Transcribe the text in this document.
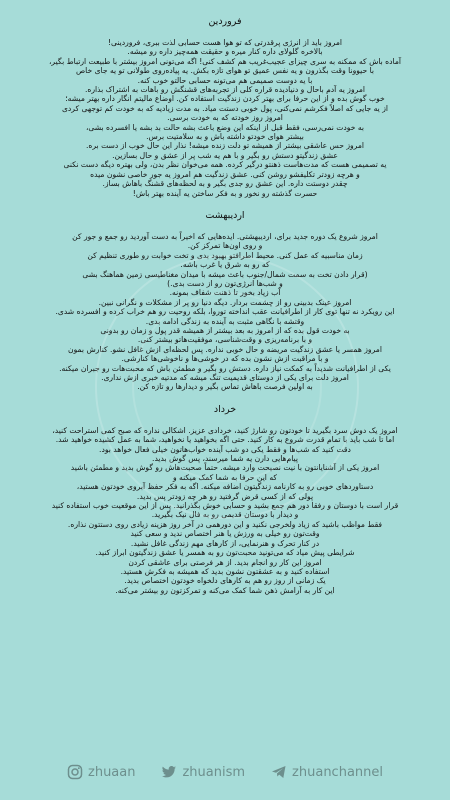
فروردین

امروز باید از انرژی پرقدرتی که تو هوا هست حسابی لذت ببری، فروردینی!
بالاخره گلولای داره کنار میره و حقیقت همه‌چیز داره رو میشه.

آماده باش که ممکنه به سری چیزای عجیب‌غریب هم کشف کنی! اگه می‌تونی امروز بیشتر با طبیعت ارتباط بگیر،
با حیوونا وقت بگذرون و یه نفس عمیق تو هوای تازه بکش. یه پیاده‌روی طولانی تو یه جای خاص
با یه دوست صمیمی هم می‌تونه حسابی حالتو خوب کنه.

امروز یه آدم باحال و دنیادیده قراره کلی از تجربه‌های قشنگش رو باهات به اشتراک بذاره.
خوب گوش بده و از این حرفا برای بهتر کردن زندگیت استفاده کن. اوضاع مالیتم انگار داره بهتر میشه؛
از یه جایی که اصلاً فکرشم نمی‌کنی، پول خوبی دستت میاد. به مدت زیادیه که به خودت کم توجهی کردی
امروز روز خودته که به خودت برسی.

به خودت نمی‌رسی، فقط قبل از اینکه این وضع باعث بشه حالت بد بشه یا افسرده بشی،
بیشتر هوای خودتو داشته باش و به سلامتیت برس.

امروز حس عاشقی بیشتر از همیشه تو دلت زنده میشه! نذار این حال خوب از دست بره.
عشق زندگیتو دستش رو بگیر و با هم یه شب پر از عشق و حال بسازین.
یه تصمیمی هست که مدت‌هاست ذهنتو درگیر کرده. همه می‌خوان نظر بدن، ولی بهتره دیگه دست نکنی
و هرچه زودتر تکلیفشو روشن کنی. عشق زندگیت هم امروز یه جور خاصی نشون میده
چقدر دوستت داره. این عشق رو جدی بگیر و به لحظه‌های قشنگ باهاش بساز.
حسرت گذشته رو نخور و به فکر ساختن یه آینده بهتر باش!

اردیبهشت

امروز شروع یک دوره جدید برای، اردیبهشتی. ایده‌هایی که اخیراً به دست آوردید رو جمع و جور کن
و روی اون‌ها تمرکز کن.

زمان مناسبیه که عمل کنی. محیط اطرافتو بهبود بدی و تخت خوابت رو طوری تنظیم کن
که رو به شرق یا غرب باشه.

(قرار دادن تخت به سمت شمال/جنوب باعث میشه با میدان مغناطیسی زمین هماهنگ بشی
و شب‌ها انرژی‌تون رو از دست بدی.)

آب زیاد بخور تا ذهنت شفاف بمونه.

امروز عینک بدبینی رو از چشمت بردار. دیگه دنیا رو پر از مشکلات و نگرانی نبین.
این رویکرد نه تنها توی کار از اطرافیانت عقب انداخته توروا، بلکه روحیت رو هم خراب کرده و افسرده شدی.
وقتشه با نگاهی مثبت به آینده به زندگی ادامه بدی.

به خودت قول بده که از امروز به بعد بیشتر از همیشه قدر پول و زمان رو بدونی
و با برنامه‌ریزی و وقت‌شناسی، موفقیت‌هاتو بیشتر کنی.

امروز همسر یا عشق زندگیت مریضه و حال خوبی نداره. پس لحظه‌ای ازش غافل نشو. کنارش بمون
و با مراقبت ازش نشون بده که در خوشی‌ها و ناخوشی‌ها کنارشی.

یکی از اطرافیانت شدیداً به کمکت نیاز داره. دستش رو بگیر و مطمئن باش که محبت‌هات رو جبران میکنه.
امروز دلت برای یکی از دوستای قدیمیت تنگ میشه که مدتیه خبری ازش نداری.
به اولین فرصت باهاش تماس بگیر و دیدارها رو تازه کن.

خرداد

امروز یک دوش سرد بگیرید تا خودتون رو شارژ کنید، خردادی عزیز. اشکالی نداره که صبح کمی استراحت کنید،
اما تا شب باید با تمام قدرت شروع به کار کنید. حتی اگه بخواهید یا نخواهید، شما به عمل کشیده خواهید شد.
دقت کنید که شب‌ها و فقط یکی دو شب آینده خواب‌هاتون خیلی فعال خواهد بود.
پیام‌هایی دارن یه شما میرسند، پس گوش بدید.

امروز یکی از آشنایانتون با نیت نصیحت وارد میشه. حتماً صحبت‌هاش رو گوش بدید و مطمئن باشید
که این حرفا به شما کمک میکنه و

دستاوردهای خوبی رو به کارنامه زندگیتون اضافه میکنه. اگه به فکر حفظ آبروی خودتون هستید،
پولی که از کسی قرض گرفتید رو هر چه زودتر پس بدید.

قرار است با دوستان و رفقا دور هم جمع بشید و حسابی خوش بگذرانید. پس از این موقعیت خوب استفاده کنید
و دیدار با دوستان قدیمی رو به فال نیک بگیرید.

فقط مواظب باشید که زیاد ولخرجی نکنید و این دورهمی در آخر روز هزینه زیادی روی دستتون نذاره.
وقت‌تون رو خیلی به ورزش یا هنر اختصاص ندید و سعی کنید
در کنار تحرک و هنرنمایی، از کارهای مهم زندگی غافل نشید.

شرایطی پیش میاد که می‌تونید محبت‌تون رو به همسر یا عشق زندگیتون ابراز کنید.
امروز این کار رو انجام بدید. از هر فرصتی برای عاشقی کردن
استفاده کنید و به عشقتون نشون بدید که همیشه به فکرش هستید.

یک زمانی از روز رو هم به کارهای دلخواه خودتون اختصاص بدید.
این کار به آرامش ذهن شما کمک می‌کنه و تمرکزتون رو بیشتر می‌کنه.

zhuaan	zhuanism	zhuanchannel
